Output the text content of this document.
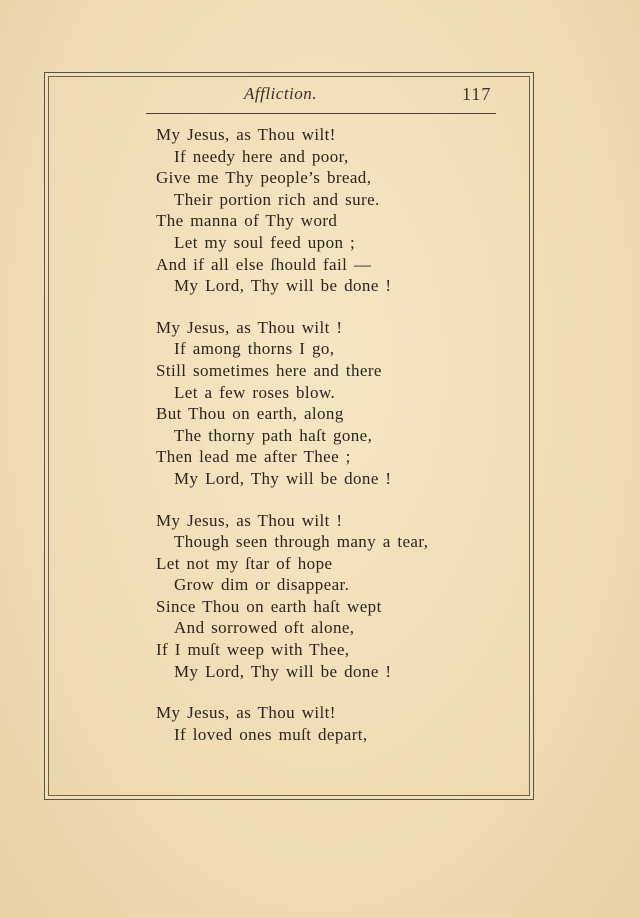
Affliction.	117
My Jesus, as Thou wilt!
If needy here and poor,
Give me Thy people’s bread,
Their portion rich and sure.
The manna of Thy word
Let my soul feed upon ;
And if all else ſhould fail —
My Lord, Thy will be done !
My Jesus, as Thou wilt !
If among thorns I go,
Still sometimes here and there
Let a few roses blow.
But Thou on earth, along
The thorny path haſt gone,
Then lead me after Thee ;
My Lord, Thy will be done !
My Jesus, as Thou wilt !
Though seen through many a tear,
Let not my ſtar of hope
Grow dim or disappear.
Since Thou on earth haſt wept
And sorrowed oft alone,
If I muſt weep with Thee,
My Lord, Thy will be done !
My Jesus, as Thou wilt!
If loved ones muſt depart,
